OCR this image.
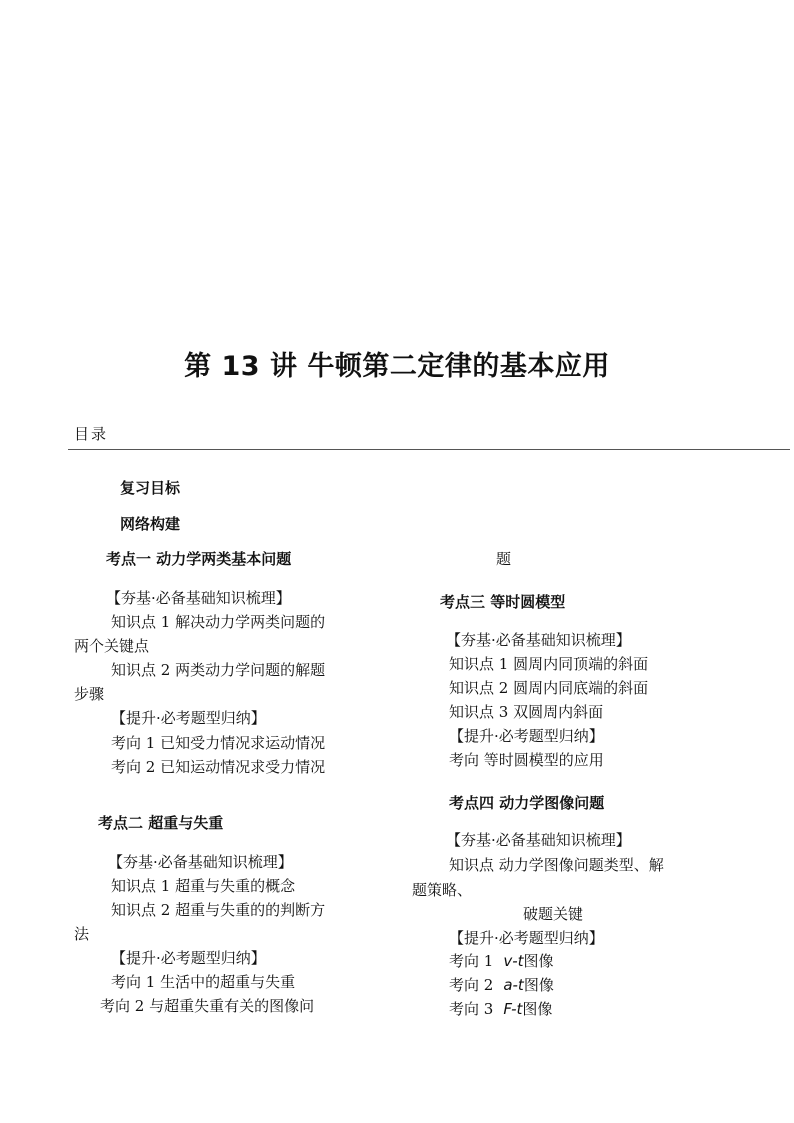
第 13 讲 牛顿第二定律的基本应用
目录
复习目标
网络构建
考点一 动力学两类基本问题
【夯基·必备基础知识梳理】
知识点 1 解决动力学两类问题的
两个关键点
知识点 2 两类动力学问题的解题
步骤
【提升·必考题型归纳】
考向 1 已知受力情况求运动情况
考向 2 已知运动情况求受力情况
考点二 超重与失重
【夯基·必备基础知识梳理】
知识点 1 超重与失重的概念
知识点 2 超重与失重的的判断方
法
【提升·必考题型归纳】
考向 1 生活中的超重与失重
考向 2 与超重失重有关的图像问
题
考点三 等时圆模型
【夯基·必备基础知识梳理】
知识点 1 圆周内同顶端的斜面
知识点 2 圆周内同底端的斜面
知识点 3 双圆周内斜面
【提升·必考题型归纳】
考向 等时圆模型的应用
考点四 动力学图像问题
【夯基·必备基础知识梳理】
知识点 动力学图像问题类型、解
题策略、
破题关键
【提升·必考题型归纳】
考向 1 v-t图像
考向 2 a-t图像
考向 3 F-t图像
